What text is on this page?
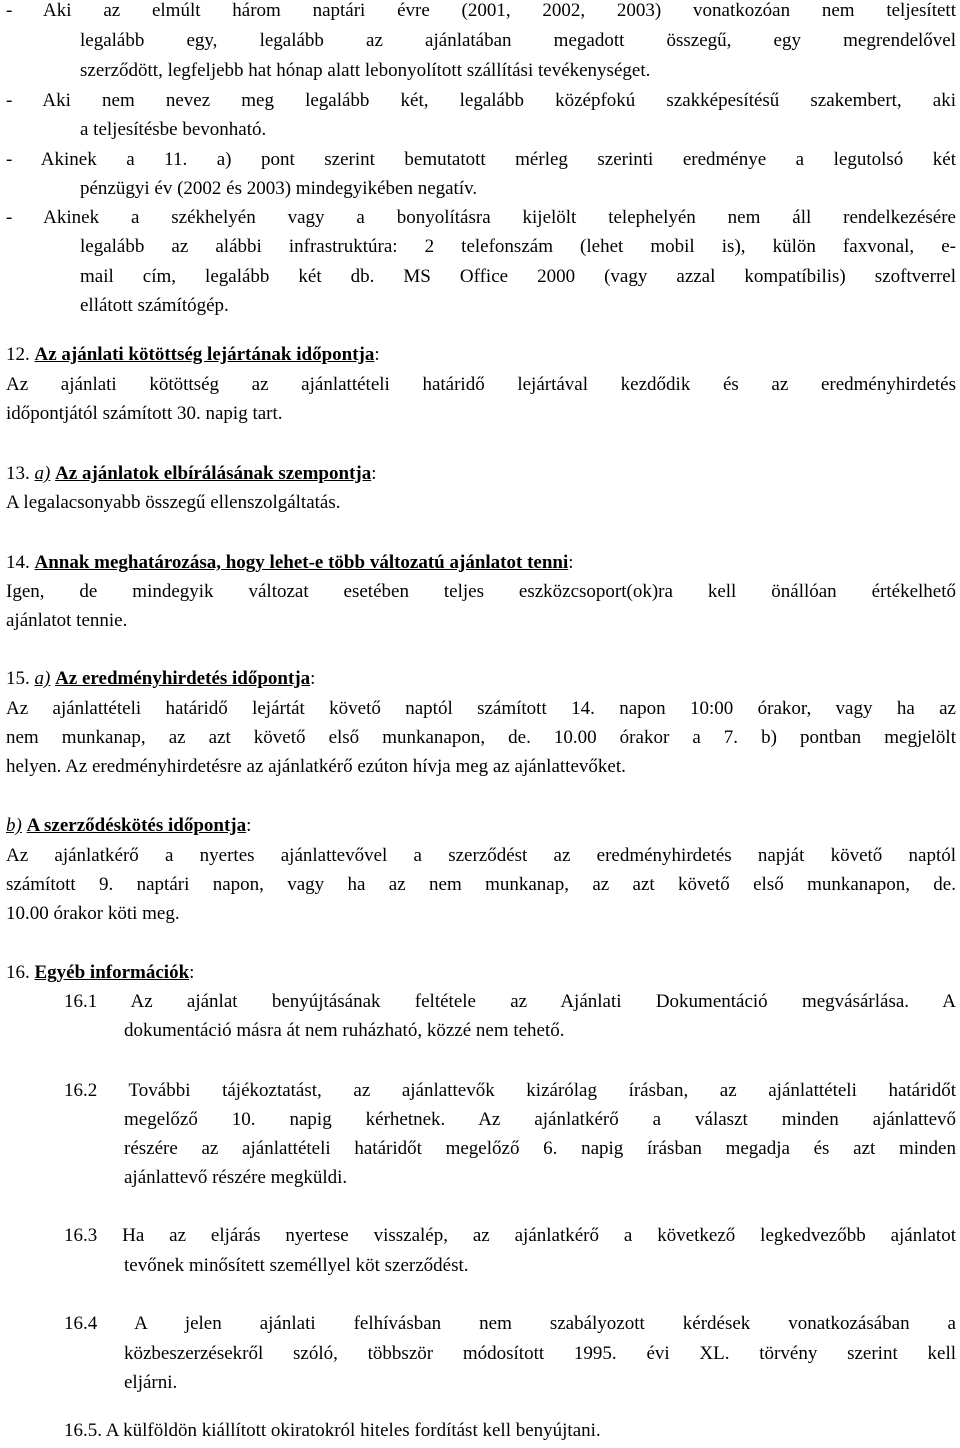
- Aki az elmúlt három naptári évre (2001, 2002, 2003) vonatkozóan nem teljesített
legalább egy, legalább az ajánlatában megadott összegű, egy megrendelővel
szerződött, legfeljebb hat hónap alatt lebonyolított szállítási tevékenységet.
- Aki nem nevez meg legalább két, legalább középfokú szakképesítésű szakembert, aki
a teljesítésbe bevonható.
- Akinek a 11. a) pont szerint bemutatott mérleg szerinti eredménye a legutolsó két
pénzügyi év (2002 és 2003) mindegyikében negatív.
- Akinek a székhelyén vagy a bonyolításra kijelölt telephelyén nem áll rendelkezésére
legalább az alábbi infrastruktúra: 2 telefonszám (lehet mobil is), külön faxvonal, e-
mail cím, legalább két db. MS Office 2000 (vagy azzal kompatíbilis) szoftverrel
ellátott számítógép.
12. Az ajánlati kötöttség lejártának időpontja:
Az ajánlati kötöttség az ajánlattételi határidő lejártával kezdődik és az eredményhirdetés
időpontjától számított 30. napig tart.
13. a) Az ajánlatok elbírálásának szempontja:
A legalacsonyabb összegű ellenszolgáltatás.
14. Annak meghatározása, hogy lehet-e több változatú ajánlatot tenni:
Igen, de mindegyik változat esetében teljes eszközcsoport(ok)ra kell önállóan értékelhető
ajánlatot tennie.
15. a) Az eredményhirdetés időpontja:
Az ajánlattételi határidő lejártát követő naptól számított 14. napon 10:00 órakor, vagy ha az
nem munkanap, az azt követő első munkanapon, de. 10.00 órakor a 7. b) pontban megjelölt
helyen. Az eredményhirdetésre az ajánlatkérő ezúton hívja meg az ajánlattevőket.
b) A szerződéskötés időpontja:
Az ajánlatkérő a nyertes ajánlattevővel a szerződést az eredményhirdetés napját követő naptól
számított 9. naptári napon, vagy ha az nem munkanap, az azt követő első munkanapon, de.
10.00 órakor köti meg.
16. Egyéb információk:
16.1 Az ajánlat benyújtásának feltétele az Ajánlati Dokumentáció megvásárlása. A
dokumentáció másra át nem ruházható, közzé nem tehető.
16.2 További tájékoztatást, az ajánlattevők kizárólag írásban, az ajánlattételi határidőt
megelőző 10. napig kérhetnek. Az ajánlatkérő a választ minden ajánlattevő
részére az ajánlattételi határidőt megelőző 6. napig írásban megadja és azt minden
ajánlattevő részére megküldi.
16.3 Ha az eljárás nyertese visszalép, az ajánlatkérő a következő legkedvezőbb ajánlatot
tevőnek minősített személlyel köt szerződést.
16.4 A jelen ajánlati felhívásban nem szabályozott kérdések vonatkozásában a
közbeszerzésekről szóló, többször módosított 1995. évi XL. törvény szerint kell
eljárni.
16.5. A külföldön kiállított okiratokról hiteles fordítást kell benyújtani.
